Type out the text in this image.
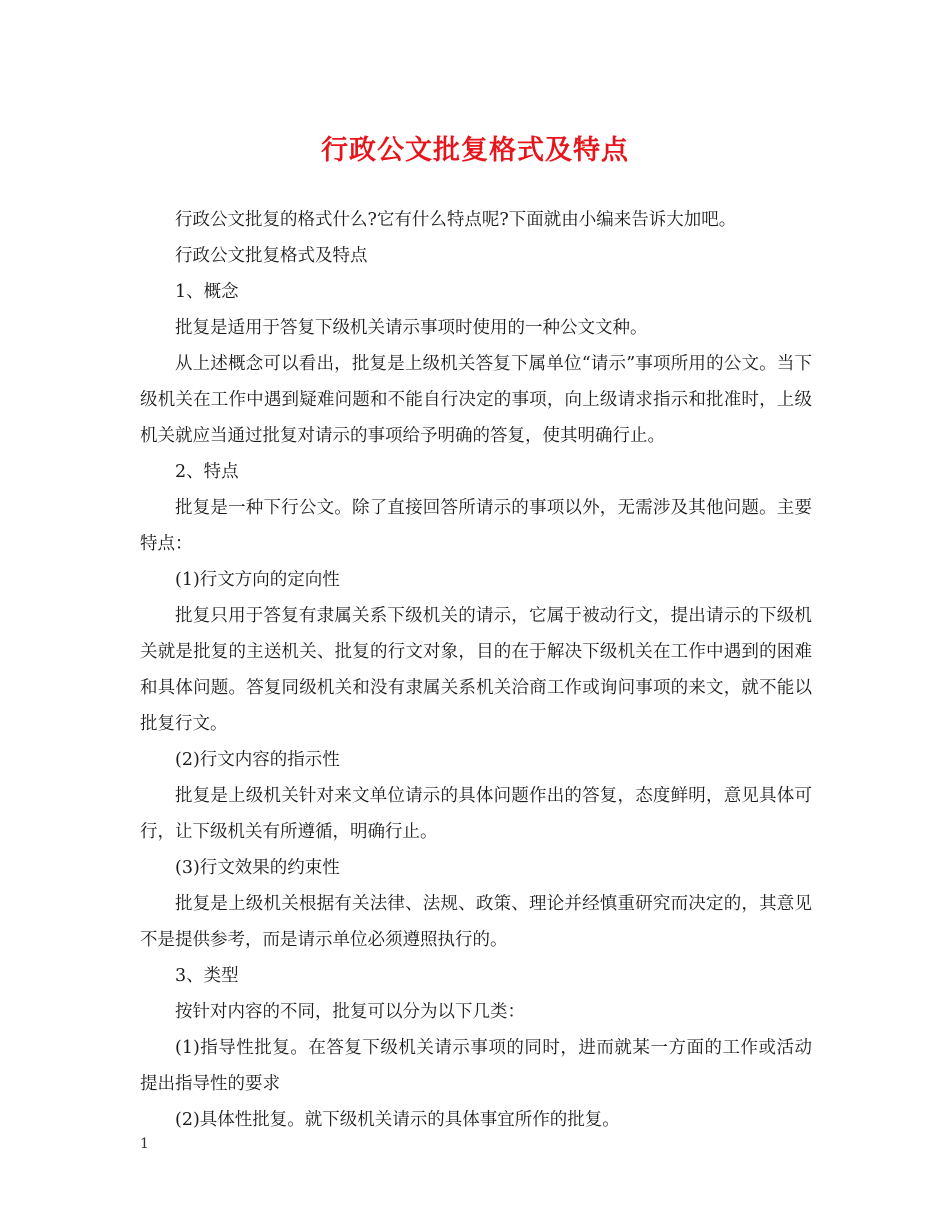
行政公文批复格式及特点

行政公文批复的格式什么?它有什么特点呢?下面就由小编来告诉大加吧。

行政公文批复格式及特点

1、概念

批复是适用于答复下级机关请示事项时使用的一种公文文种。

从上述概念可以看出，批复是上级机关答复下属单位“请示”事项所用的公文。当下级机关在工作中遇到疑难问题和不能自行决定的事项，向上级请求指示和批准时，上级机关就应当通过批复对请示的事项给予明确的答复，使其明确行止。

2、特点

批复是一种下行公文。除了直接回答所请示的事项以外，无需涉及其他问题。主要特点：

(1)行文方向的定向性

批复只用于答复有隶属关系下级机关的请示，它属于被动行文，提出请示的下级机关就是批复的主送机关、批复的行文对象，目的在于解决下级机关在工作中遇到的困难和具体问题。答复同级机关和没有隶属关系机关洽商工作或询问事项的来文，就不能以批复行文。

(2)行文内容的指示性

批复是上级机关针对来文单位请示的具体问题作出的答复，态度鲜明，意见具体可行，让下级机关有所遵循，明确行止。

(3)行文效果的约束性

批复是上级机关根据有关法律、法规、政策、理论并经慎重研究而决定的，其意见不是提供参考，而是请示单位必须遵照执行的。

3、类型

按针对内容的不同，批复可以分为以下几类：

(1)指导性批复。在答复下级机关请示事项的同时，进而就某一方面的工作或活动提出指导性的要求

(2)具体性批复。就下级机关请示的具体事宜所作的批复。

1
